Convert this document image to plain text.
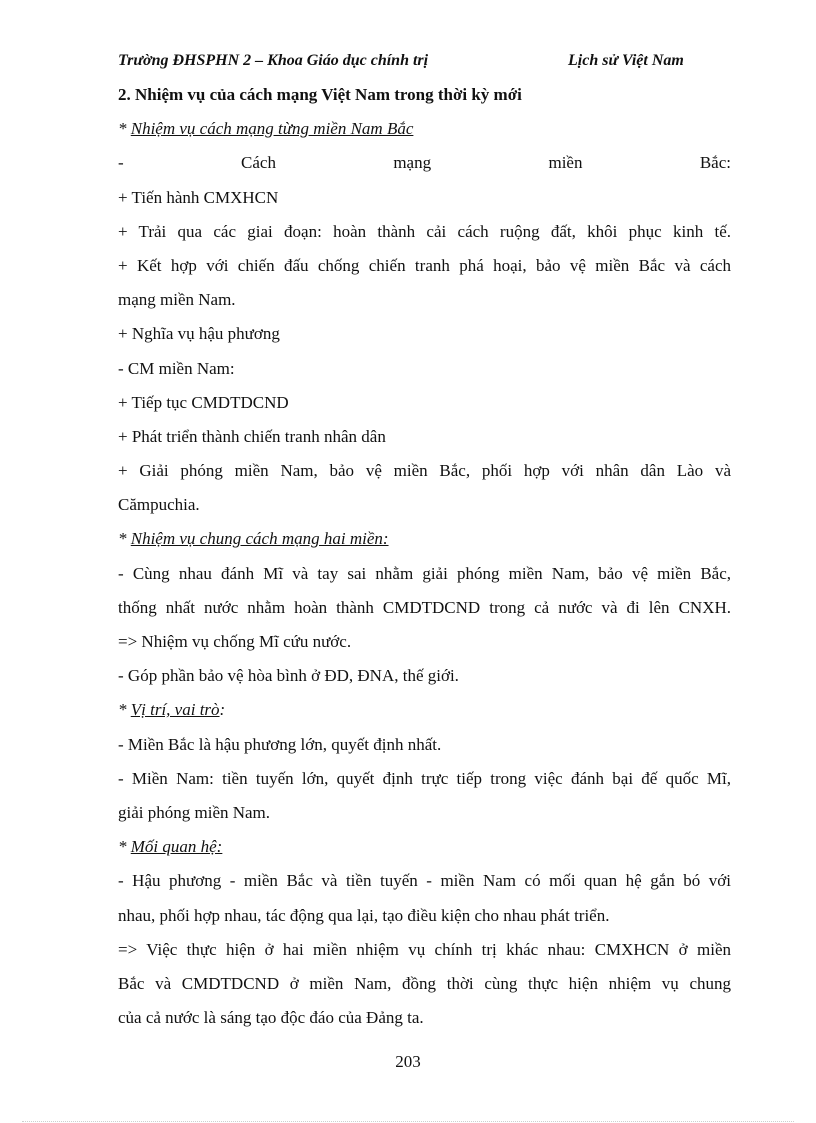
Trường ĐHSPHN 2 – Khoa Giáo dục chính trị	Lịch sử Việt Nam
2. Nhiệm vụ của cách mạng Việt Nam trong thời kỳ mới
* Nhiệm vụ cách mạng từng miền Nam Bắc
- Cách mạng miền Bắc:
+ Tiến hành CMXHCN
+ Trải qua các giai đoạn: hoàn thành cải cách ruộng đất, khôi phục kinh tế.
+ Kết hợp với chiến đấu chống chiến tranh phá hoại, bảo vệ miền Bắc và cách
mạng miền Nam.
+ Nghĩa vụ hậu phương
- CM miền Nam:
+ Tiếp tục CMDTDCND
+ Phát triển thành chiến tranh nhân dân
+ Giải phóng miền Nam, bảo vệ miền Bắc, phối hợp với nhân dân Lào và
Cămpuchia.
* Nhiệm vụ chung cách mạng hai miền:
- Cùng nhau đánh Mĩ và tay sai nhằm giải phóng miền Nam, bảo vệ miền Bắc,
thống nhất nước nhằm hoàn thành CMDTDCND trong cả nước và đi lên CNXH.
=> Nhiệm vụ chống Mĩ cứu nước.
- Góp phần bảo vệ hòa bình ở ĐD, ĐNA, thế giới.
* Vị trí, vai trò:
- Miền Bắc là hậu phương lớn, quyết định nhất.
- Miền Nam: tiền tuyến lớn, quyết định trực tiếp trong việc đánh bại đế quốc Mĩ,
giải phóng miền Nam.
* Mối quan hệ:
- Hậu phương - miền Bắc và tiền tuyến - miền Nam có mối quan hệ gắn bó với
nhau, phối hợp nhau, tác động qua lại, tạo điều kiện cho nhau phát triển.
=> Việc thực hiện ở hai miền nhiệm vụ chính trị khác nhau: CMXHCN ở miền
Bắc và CMDTDCND ở miền Nam, đồng thời cùng thực hiện nhiệm vụ chung
của cả nước là sáng tạo độc đáo của Đảng ta.
203
